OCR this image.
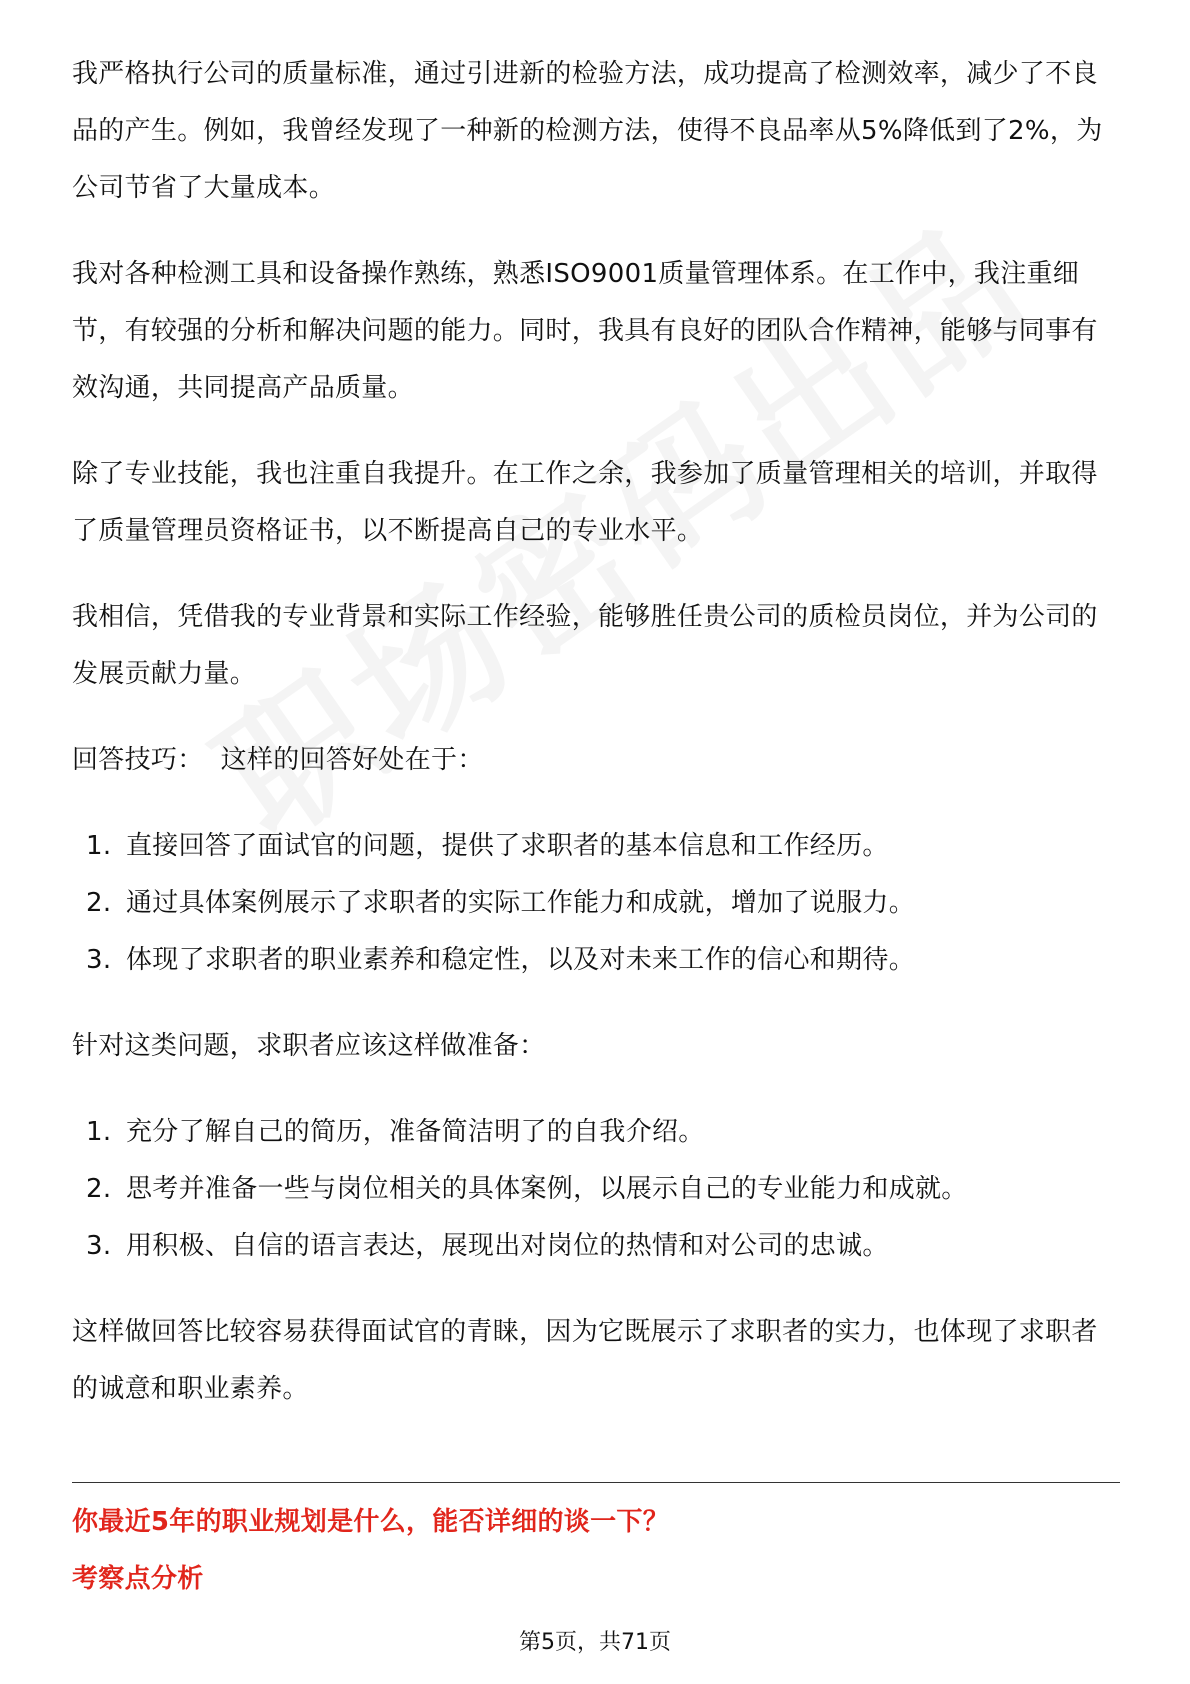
我严格执行公司的质量标准，通过引进新的检验方法，成功提高了检测效率，减少了不良品的产生。例如，我曾经发现了一种新的检测方法，使得不良品率从5%降低到了2%，为公司节省了大量成本。

我对各种检测工具和设备操作熟练，熟悉ISO9001质量管理体系。在工作中，我注重细节，有较强的分析和解决问题的能力。同时，我具有良好的团队合作精神，能够与同事有效沟通，共同提高产品质量。

除了专业技能，我也注重自我提升。在工作之余，我参加了质量管理相关的培训，并取得了质量管理员资格证书，以不断提高自己的专业水平。

我相信，凭借我的专业背景和实际工作经验，能够胜任贵公司的质检员岗位，并为公司的发展贡献力量。

回答技巧：  这样的回答好处在于：

1. 直接回答了面试官的问题，提供了求职者的基本信息和工作经历。
2. 通过具体案例展示了求职者的实际工作能力和成就，增加了说服力。
3. 体现了求职者的职业素养和稳定性，以及对未来工作的信心和期待。

针对这类问题，求职者应该这样做准备：

1. 充分了解自己的简历，准备简洁明了的自我介绍。
2. 思考并准备一些与岗位相关的具体案例，以展示自己的专业能力和成就。
3. 用积极、自信的语言表达，展现出对岗位的热情和对公司的忠诚。

这样做回答比较容易获得面试官的青睐，因为它既展示了求职者的实力，也体现了求职者的诚意和职业素养。

你最近5年的职业规划是什么，能否详细的谈一下？
考察点分析
第5页，共71页
